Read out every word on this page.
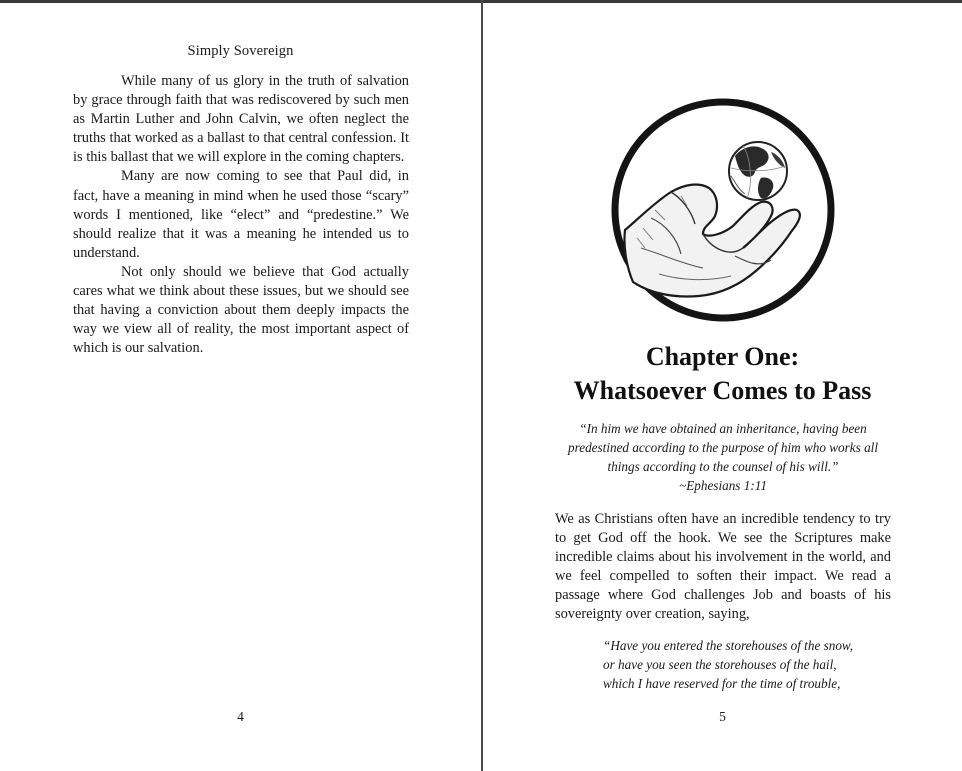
Simply Sovereign

While many of us glory in the truth of salvation by grace through faith that was rediscovered by such men as Martin Luther and John Calvin, we often neglect the truths that worked as a ballast to that central confession. It is this ballast that we will explore in the coming chapters.

Many are now coming to see that Paul did, in fact, have a meaning in mind when he used those “scary” words I mentioned, like “elect” and “predestine.” We should realize that it was a meaning he intended us to understand.

Not only should we believe that God actually cares what we think about these issues, but we should see that having a conviction about them deeply impacts the way we view all of reality, the most important aspect of which is our salvation.

4
Chapter One:
Whatsoever Comes to Pass
“In him we have obtained an inheritance, having been
predestined according to the purpose of him who works all
things according to the counsel of his will.”
~Ephesians 1:11

We as Christians often have an incredible tendency to try to get God off the hook. We see the Scriptures make incredible claims about his involvement in the world, and we feel compelled to soften their impact. We read a passage where God challenges Job and boasts of his sovereignty over creation, saying,

“Have you entered the storehouses of the snow,
or have you seen the storehouses of the hail,
which I have reserved for the time of trouble,
5
